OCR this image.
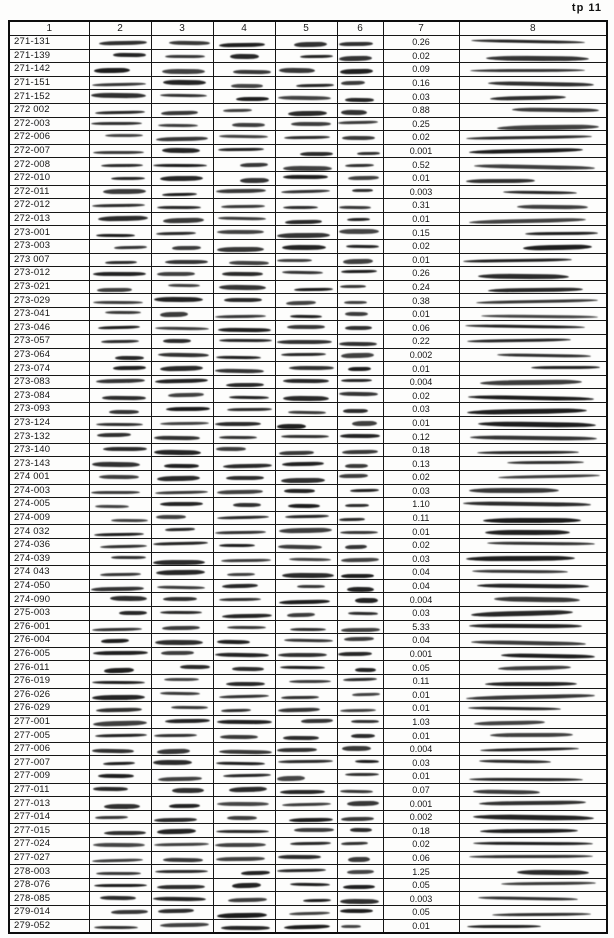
tp 11
1	2	3	4	5	6	7	8
271-131						0.26	

271-139						0.02	

271-142						0.09	

271-151						0.16	

271-152						0.03	

272 002						0.88	

272-003						0.25	

272-006						0.02	

272-007						0.001	

272-008						0.52	

272-010						0.01	

272-011						0.003	

272-012						0.31	

272-013						0.01	

273-001						0.15	

273-003						0.02	

273 007						0.01	

273-012						0.26	

273-021						0.24	

273-029						0.38	

273-041						0.01	

273-046						0.06	

273-057						0.22	

273-064						0.002	

273-074						0.01	

273-083						0.004	

273-084						0.02	

273-093						0.03	

273-124						0.01	

273-132						0.12	

273-140						0.18	

273-143						0.13	

274 001						0.02	

274-003						0.03	

274-005						1.10	

274-009						0.11	

274 032						0.01	

274-036						0.02	

274-039						0.03	

274 043						0.04	

274-050						0.04	

274-090						0.004	

275-003						0.03	

276-001						5.33	

276-004						0.04	

276-005						0.001	

276-011						0.05	

276-019						0.11	

276-026						0.01	

276-029						0.01	

277-001						1.03	

277-005						0.01	

277-006						0.004	

277-007						0.03	

277-009						0.01	

277-011						0.07	

277-013						0.001	

277-014						0.002	

277-015						0.18	

277-024						0.02	

277-027						0.06	

278-003						1.25	

278-076						0.05	

278-085						0.003	

279-014						0.05	

279-052						0.01	
